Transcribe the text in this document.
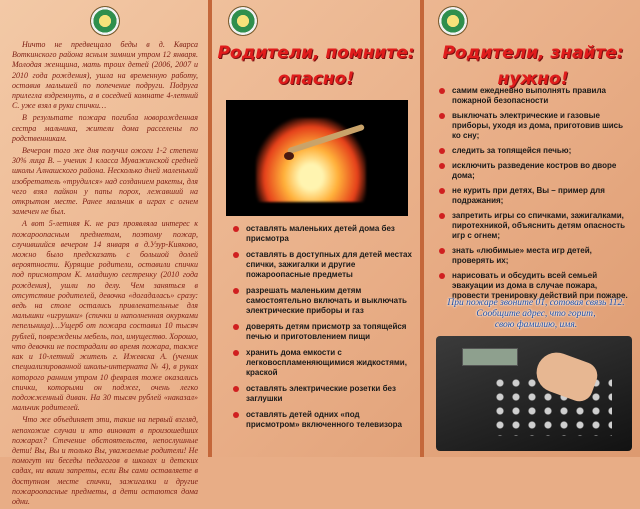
Ничто не предвещало беды в д. Кварса Воткинского района ясным зимним утром 12 января. Молодая женщина, мать троих детей (2006, 2007 и 2010 года рождения), ушла на временную работу, оставив малышей по попечение подруги. Подруга прилегла вздремнуть, а в соседней комнате 4-летний С. уже взял в руки спички…

В результате пожара погибла новорожденная сестра мальчика, жители дома расселены по родственникам.

Вечером того же дня получил ожоги 1-2 степени 30% лица В. – ученик 1 класса Муважинской средней школы Алнашского района. Несколько дней маленький изобретатель «трудился» над созданием ракеты, для чего взял пайкон у папы порох, лежавший на открытом месте. Ранее мальчик в играх с огнем замечен не был.

А вот 5-летняя К. не раз проявляла интерес к пожароопасным предметам, поэтому пожар, случившийся вечером 14 января в д.Узур-Кияково, можно было предсказать с большой долей вероятности. Курящие родители, оставили спички под присмотром К. младшую сестренку (2010 года рождения), ушли по делу. Чем заняться в отсутствие родителей, девочка «догадалась» сразу: ведь на столе остались привлекательные для малышки «игрушки» (спички и наполненная окурками пепельница)…Ущерб от пожара составил 10 тысяч рублей, повреждены мебель, пол, имущество. Хорошо, что девочки не пострадали во время пожара, также как и 10-летний житель г. Ижевска А. (ученик специализированной школы-интерната № 4), в руках которого ранним утром 10 февраля тоже оказались спички, которыми он поджег, очень легко подожженный диван. На 30 тысяч рублей «наказал» мальчик родителей.

Что же объединяет эти, такие на первый взгляд, непохожие случаи и кто виноват в произошедших пожарах? Стечение обстоятельств, непослушные дети! Вы, Вы и только Вы, уважаемые родители! Не помогут ни беседы педагогов в школах и детских садах, ни ваши запреты, если Вы сами оставляете в доступном месте спички, зажигалки и другие пожароопасные предметы, а дети остаются дома одни.

Родители, помните:
опасно!
оставлять маленьких детей дома без присмотра
оставлять в доступных для детей местах спички, зажигалки и другие пожароопасные предметы
разрешать маленьким детям самостоятельно включать и выключать электрические приборы и газ
доверять детям присмотр за топящейся печью и приготовлением пищи
хранить дома емкости с легковоспламеняющимися жидкостями, краской
оставлять электрические розетки без заглушки
оставлять детей одних «под присмотром» включенного телевизора
Родители, знайте:
нужно!
самим ежедневно выполнять правила пожарной безопасности
выключать электрические и газовые приборы, уходя из дома, приготовив шись ко сну;
следить за топящейся печью;
исключить разведение костров во дворе дома;
не курить при детях, Вы – пример для подражания;
запретить игры со спичками, зажигалками, пиротехникой, объяснить детям опасность игр с огнем;
знать «любимые» места игр детей, проверять их;
нарисовать и обсудить всей семьей эвакуации из дома в случае пожара, провести тренировку действий при пожаре.
При пожаре звоните 01, сотовая связь 112.
Сообщите адрес, что горит,
свою фамилию, имя.
